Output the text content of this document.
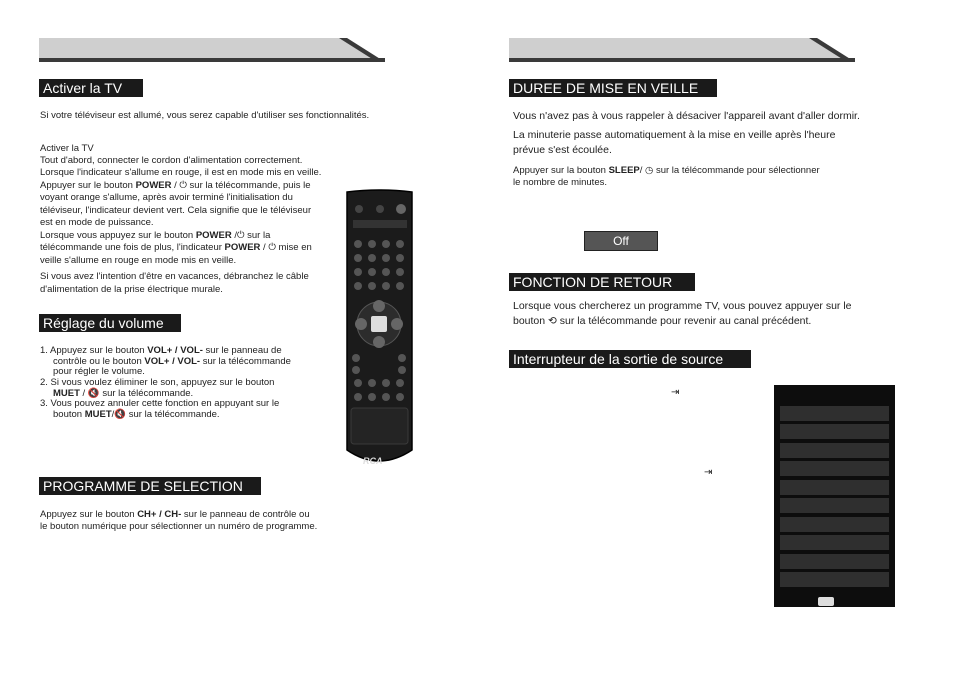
Activer la TV
Si votre téléviseur est allumé, vous serez capable d'utiliser ses fonctionnalités.
Activer la TV
Tout d'abord, connecter le cordon d'alimentation correctement.
Lorsque l'indicateur s'allume en rouge, il est en mode mis en veille.
Appuyer sur le bouton POWER / ⏻ sur la télécommande, puis le
voyant orange s'allume, après avoir terminé l'initialisation du
téléviseur, l'indicateur devient vert. Cela signifie que le téléviseur
est en mode de puissance.
Lorsque vous appuyez sur le bouton POWER /⏻ sur la
télécommande une fois de plus, l'indicateur POWER / ⏻ mise en
veille s'allume en rouge en mode mis en veille.
Si vous avez l'intention d'être en vacances, débranchez le câble
d'alimentation de la prise électrique murale.
Réglage du volume
1. Appuyez sur le bouton VOL+ / VOL- sur le panneau de
contrôle ou le bouton VOL+ / VOL- sur la télécommande
pour régler le volume.
2. Si vous voulez éliminer le son, appuyez sur le bouton
MUET / 🔇 sur la télécommande.
3. Vous pouvez annuler cette fonction en appuyant sur le
bouton MUET/🔇 sur la télécommande.
PROGRAMME DE SELECTION
Appuyez sur le bouton CH+ / CH- sur le panneau de contrôle ou
le bouton numérique pour sélectionner un numéro de programme.
RCA
DUREE DE MISE EN VEILLE
Vous n'avez pas à vous rappeler à désaciver l'appareil avant d'aller dormir.
La minuterie passe automatiquement à la mise en veille après l'heure
prévue s'est écoulée.
Appuyer sur la bouton SLEEP/ ◷ sur la télécommande pour sélectionner
le nombre de minutes.
Off
FONCTION DE RETOUR
Lorsque vous chercherez un programme TV, vous pouvez appuyer sur le
bouton ⟲ sur la télécommande pour revenir au canal précédent.
Interrupteur de la sortie de source
⇥
⇥
